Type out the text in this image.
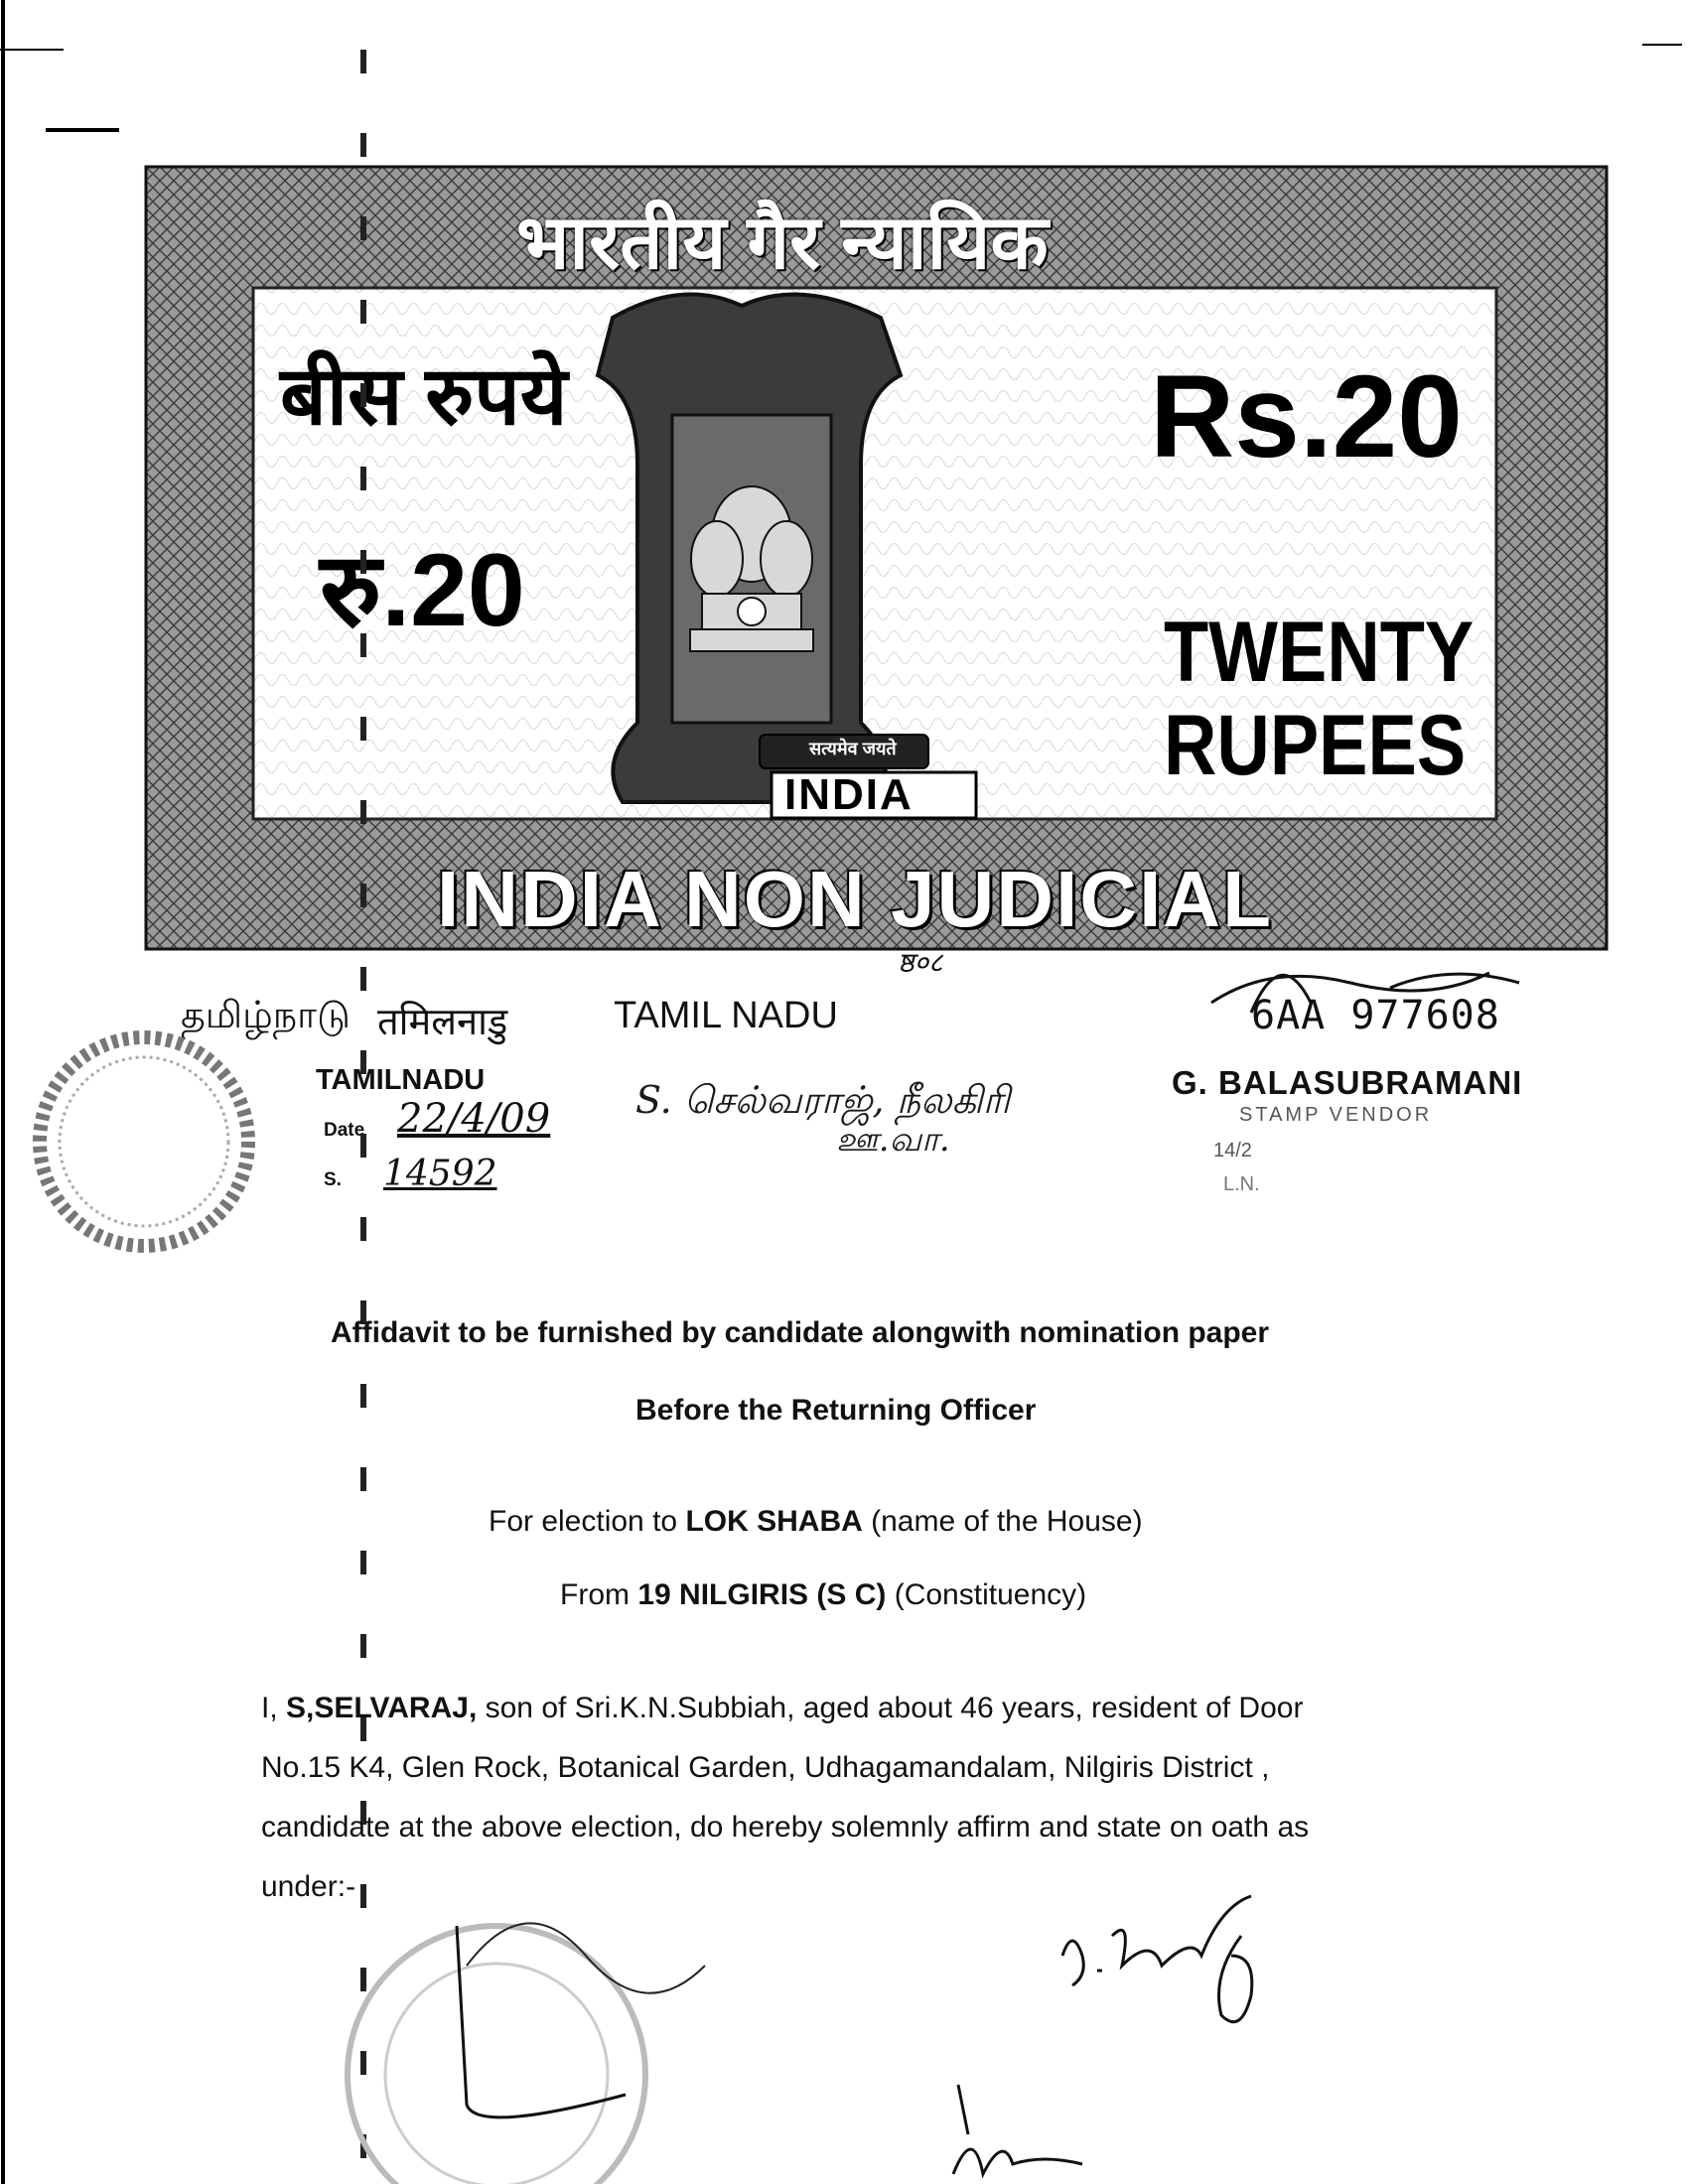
भारतीय गैर न्यायिक
बीस रुपये
रु.20
Rs.20
TWENTY
RUPEES
सत्यमेव जयते
INDIA
INDIA NON JUDICIAL
ष्ठ०८
தமிழ்நாடு तमिलनाडु	TAMIL NADU	6AA 977608
TAMILNADU
Date 22/4/09
S. 14592
S. செல்வராஜ், நீலகிரி
ஊ.வா.
G. BALASUBRAMANI
STAMP VENDOR
14/2
L.N.
Affidavit to be furnished by candidate alongwith nomination paper
Before the Returning Officer
For election to LOK SHABA (name of the House)
From 19 NILGIRIS (S C) (Constituency)
I, S,SELVARAJ, son of Sri.K.N.Subbiah, aged about 46 years, resident of Door
No.15 K4, Glen Rock, Botanical Garden, Udhagamandalam, Nilgiris District ,
candidate at the above election, do hereby solemnly affirm and state on oath as
under:-
